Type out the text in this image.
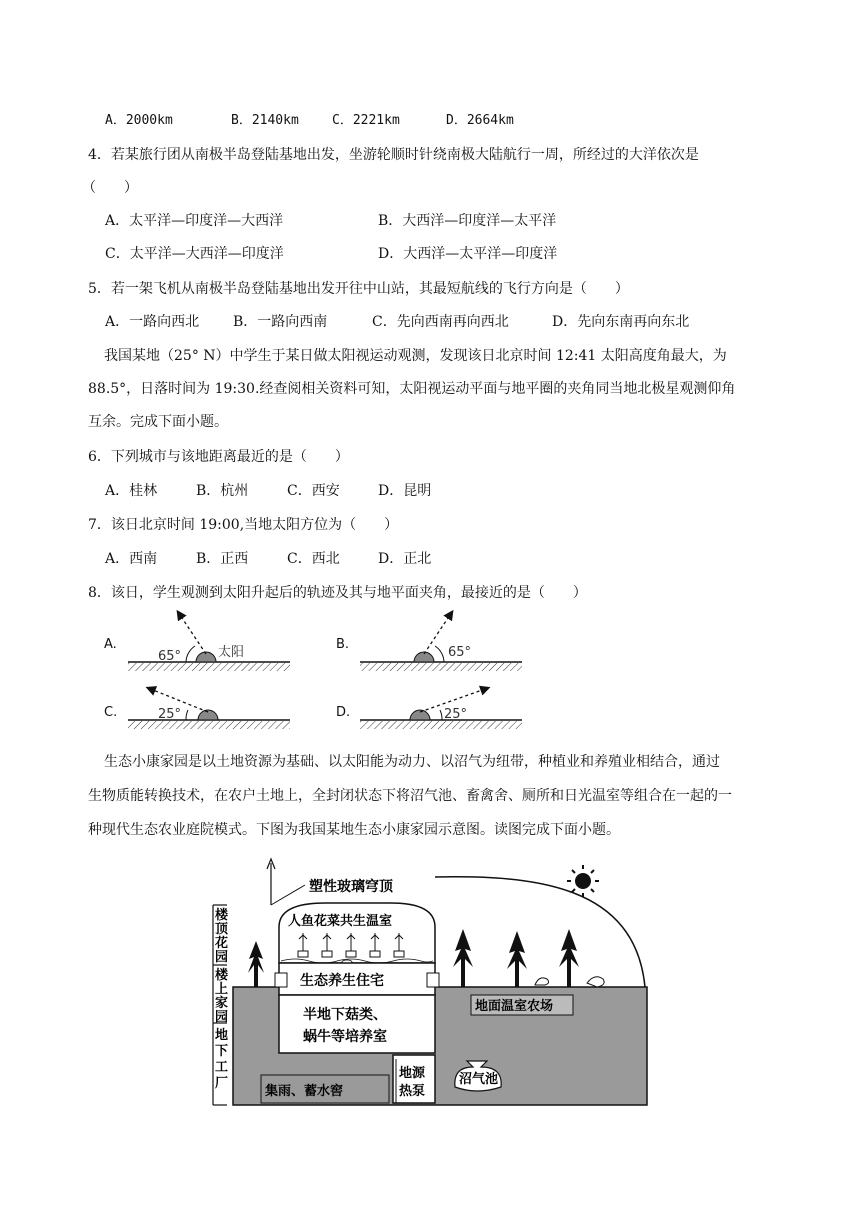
A．2000km	B．2140km	C．2221km	D．2664km
4．若某旅行团从南极半岛登陆基地出发，坐游轮顺时针绕南极大陆航行一周，所经过的大洋依次是
（　　）
A．太平洋—印度洋—大西洋	B．大西洋—印度洋—太平洋
C．太平洋—大西洋—印度洋	D．大西洋—太平洋—印度洋
5．若一架飞机从南极半岛登陆基地出发开往中山站，其最短航线的飞行方向是（　　）
A．一路向西北 B．一路向西南	C．先向西南再向西北	D．先向东南再向东北
我国某地（25° N）中学生于某日做太阳视运动观测，发现该日北京时间 12:41 太阳高度角最大，为
88.5°，日落时间为 19:30.经查阅相关资料可知，太阳视运动平面与地平圈的夹角同当地北极星观测仰角
互余。完成下面小题。
6．下列城市与该地距离最近的是（　　）
A．桂林	B．杭州	C．西安	D．昆明
7．该日北京时间 19:00,当地太阳方位为（　　）
A．西南	B．正西	C．西北	D．正北
8．该日，学生观测到太阳升起后的轨迹及其与地平面夹角，最接近的是（　　）
A.
65°	太阳
B.
65°
C.	25°	D.	25°
生态小康家园是以土地资源为基础、以太阳能为动力、以沼气为纽带，种植业和养殖业相结合，通过
生物质能转换技术，在农户土地上，全封闭状态下将沼气池、畜禽舍、厕所和日光温室等组合在一起的一
种现代生态农业庭院模式。下图为我国某地生态小康家园示意图。读图完成下面小题。
楼
顶
花
园
楼
上
家
园
地
下
工
厂
塑性玻璃穹顶
人鱼花菜共生温室
生态养生住宅
半地下菇类、
蜗牛等培养室
集雨、蓄水窖
地源
热泵
沼气池
地面温室农场
